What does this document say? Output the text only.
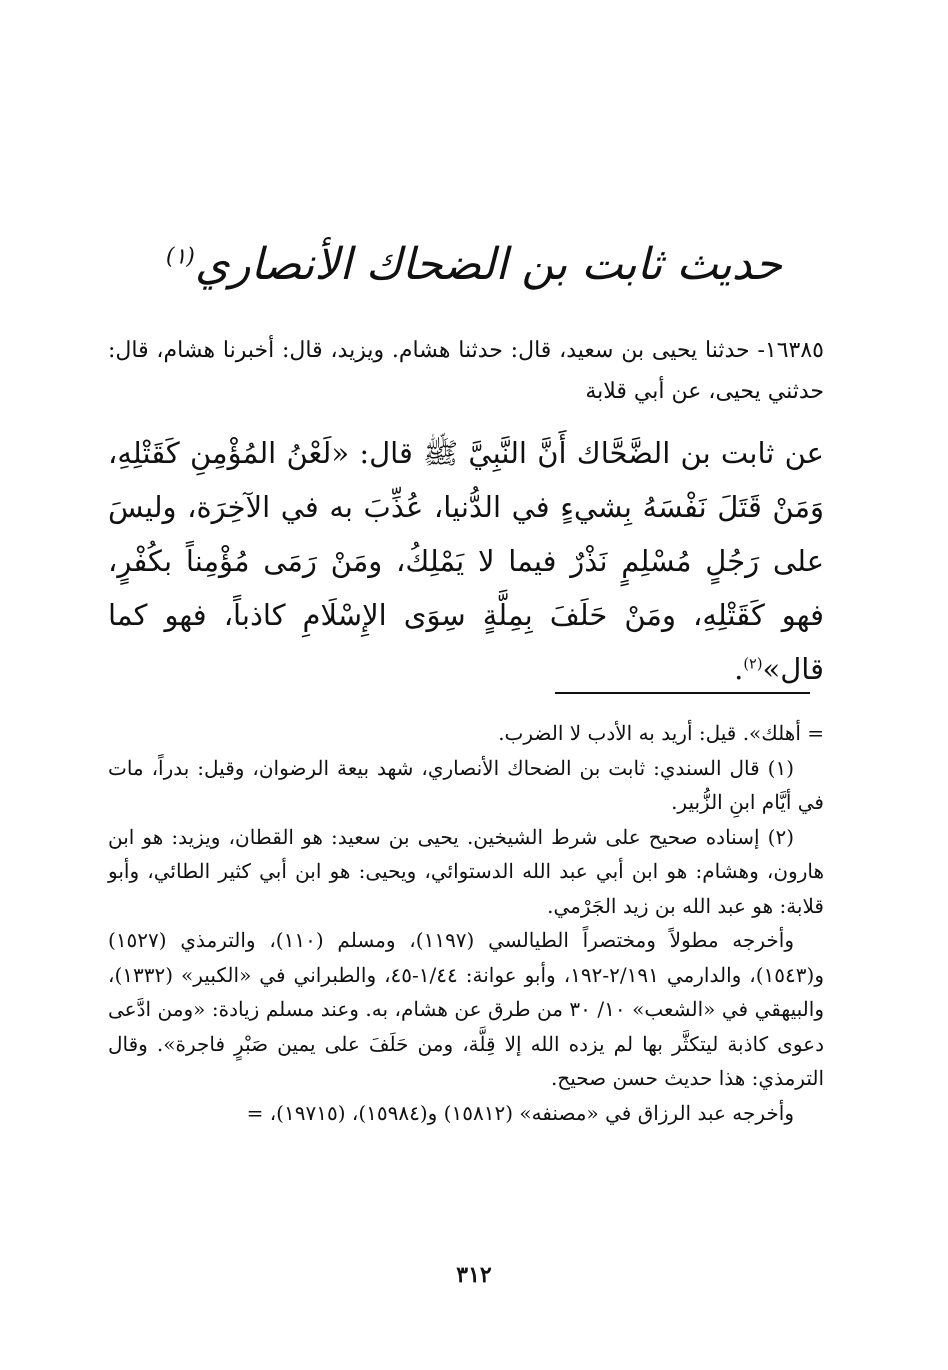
حديث ثابت بن الضحاك الأنصاري$^{(١)}$
١٦٣٨٥- حدثنا يحيى بن سعيد، قال: حدثنا هشام. ويزيد، قال: أخبرنا هشام، قال: حدثني يحيى، عن أبي قلابة
عن ثابت بن الضَّحَّاك أَنَّ النَّبِيَّ ﷺ قال: «لَعْنُ المُؤْمِنِ كَقَتْلِهِ، وَمَنْ قَتَلَ نَفْسَهُ بِشيءٍ في الدُّنيا، عُذِّبَ به في الآخِرَة، وليسَ على رَجُلٍ مُسْلِمٍ نَذْرٌ فيما لا يَمْلِكُ، ومَنْ رَمَى مُؤْمِناً بكُفْرٍ، فهو كَقَتْلِهِ، ومَنْ حَلَفَ بِمِلَّةٍ سِوَى الإِسْلَامِ كاذباً، فهو كما قال»$^{(٢)}$.

= أهلك». قيل: أريد به الأدب لا الضرب.

(١) قال السندي: ثابت بن الضحاك الأنصاري، شهد بيعة الرضوان، وقيل: بدراً، مات في أيَّام ابنِ الزُّبير.

(٢) إسناده صحيح على شرط الشيخين. يحيى بن سعيد: هو القطان، ويزيد: هو ابن هارون، وهشام: هو ابن أبي عبد الله الدستوائي، ويحيى: هو ابن أبي كثير الطائي، وأبو قلابة: هو عبد الله بن زيد الجَرْمي.

وأخرجه مطولاً ومختصراً الطيالسي (١١٩٧)، ومسلم (١١٠)، والترمذي (١٥٢٧) و(١٥٤٣)، والدارمي ٢/١٩١-١٩٢، وأبو عوانة: ١/٤٤-٤٥، والطبراني في «الكبير» (١٣٣٢)، والبيهقي في «الشعب» ١٠/ ٣٠ من طرق عن هشام، به. وعند مسلم زيادة: «ومن ادَّعى دعوى كاذبة ليتكثَّر بها لم يزده الله إلا قِلَّة، ومن حَلَفَ على يمين صَبْرٍ فاجرة». وقال الترمذي: هذا حديث حسن صحيح.

وأخرجه عبد الرزاق في «مصنفه» (١٥٨١٢) و(١٥٩٨٤)، (١٩٧١٥)، =

٣١٢
